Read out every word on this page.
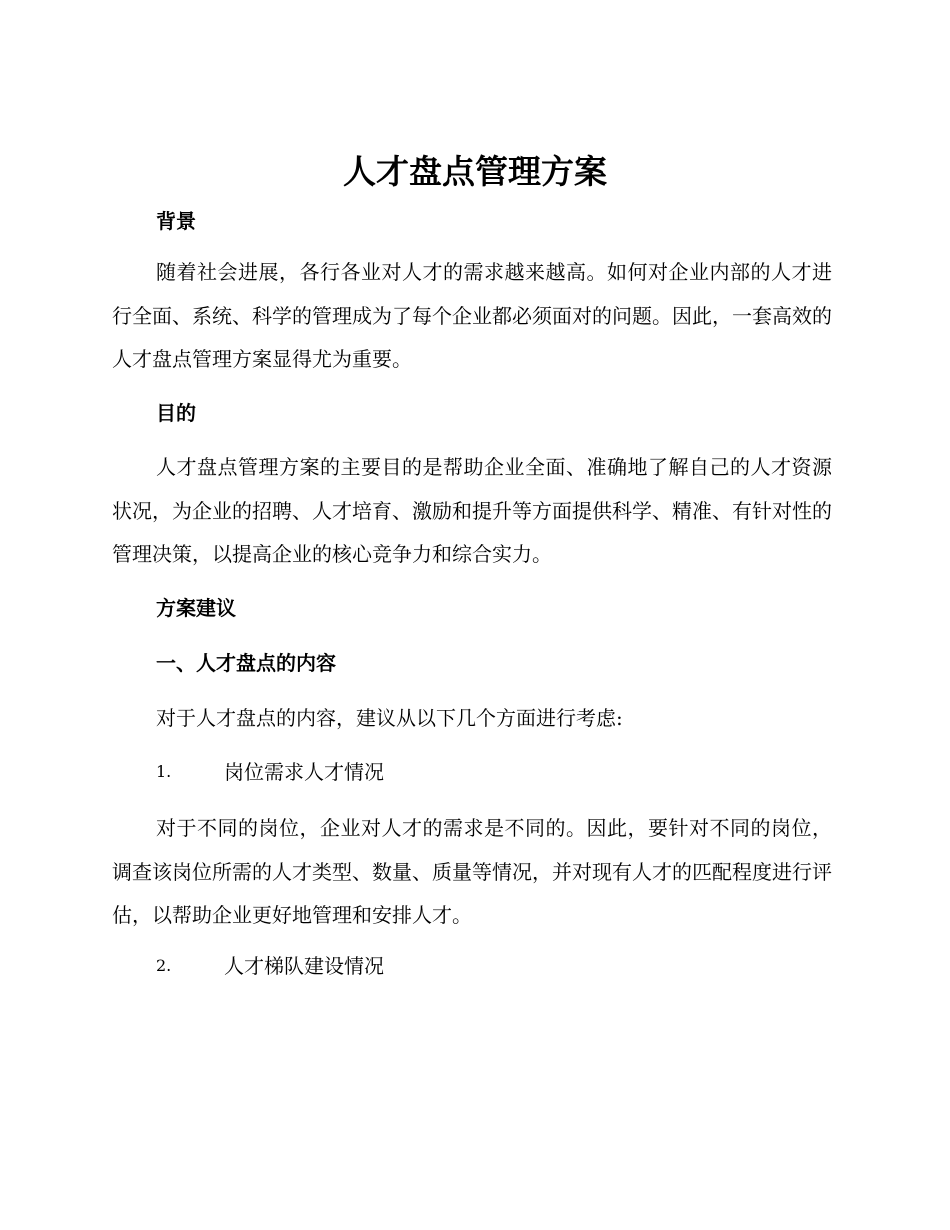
人才盘点管理方案
背景

随着社会进展，各行各业对人才的需求越来越高。如何对企业内部的人才进行全面、系统、科学的管理成为了每个企业都必须面对的问题。因此，一套高效的人才盘点管理方案显得尤为重要。

目的

人才盘点管理方案的主要目的是帮助企业全面、准确地了解自己的人才资源状况，为企业的招聘、人才培育、激励和提升等方面提供科学、精准、有针对性的管理决策，以提高企业的核心竞争力和综合实力。

方案建议
一、人才盘点的内容

对于人才盘点的内容，建议从以下几个方面进行考虑:

1.	岗位需求人才情况

对于不同的岗位，企业对人才的需求是不同的。因此，要针对不同的岗位，调查该岗位所需的人才类型、数量、质量等情况，并对现有人才的匹配程度进行评估，以帮助企业更好地管理和安排人才。

2.	人才梯队建设情况
